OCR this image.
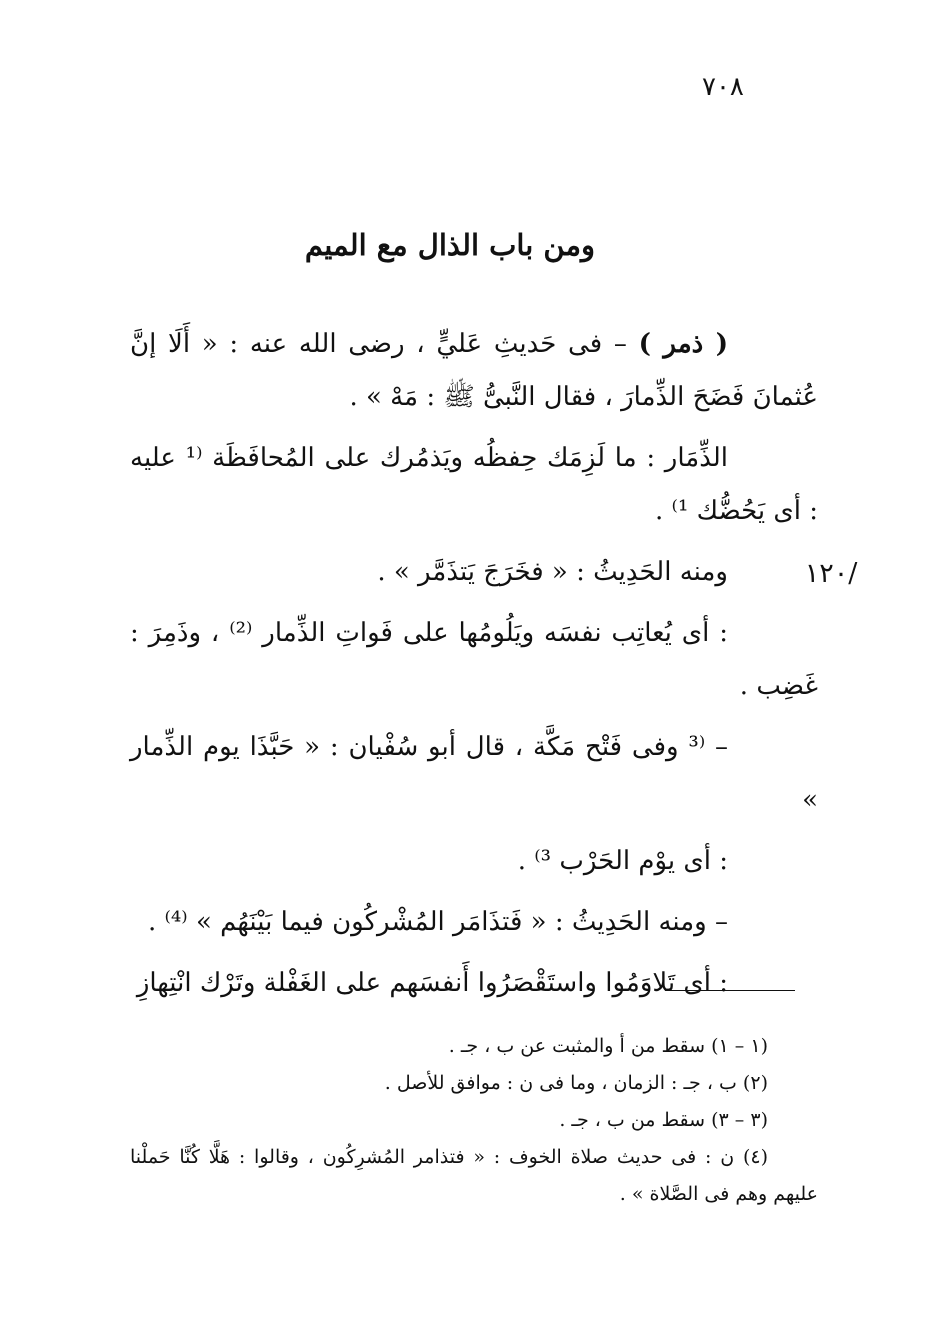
٧٠٨
ومن باب الذال مع الميم
١٢٠/

( ذمر ) – فى حَديثِ عَليٍّ ، رضى الله عنه : « أَلَا إنَّ عُثمانَ فَضَحَ الذِّمارَ ، فقال النَّبىُّ ﷺ : مَهْ » .

الذِّمَار : ما لَزِمَك حِفظُه ويَذمُرك على المُحافَظَة ⁽¹ عليه : أى يَحُضُّك ¹⁾ .

ومنه الحَدِيثُ : « فخَرَجَ يَتذَمَّر » .

: أى يُعاتِب نفسَه ويَلُومُها على فَواتِ الذِّمار ⁽²⁾ ، وذَمِرَ : غَضِب .

– ⁽³ وفى فَتْح مَكَّة ، قال أبو سُفْيان : « حَبَّذَا يوم الذِّمار »

: أى يوْم الحَرْب ³⁾ .

– ومنه الحَدِيثُ : « فَتذَامَر المُشْركُون فيما بَيْنَهُم » ⁽⁴⁾ .

: أى تَلاوَمُوا واستَقْصَرُوا أَنفسَهم على الغَفْلة وتَرْك انْتِهازِ

(١ – ١) سقط من أ والمثبت عن ب ، جـ .

(٢) ب ، جـ : الزمان ، وما فى ن : موافق للأصل .

(٣ – ٣) سقط من ب ، جـ .

(٤) ن : فى حديث صلاة الخوف : « فتذامر المُشرِكُون ، وقالوا : هَلَّا كُنَّا حَملْنا عليهم وهم فى الصَّلاة » .
